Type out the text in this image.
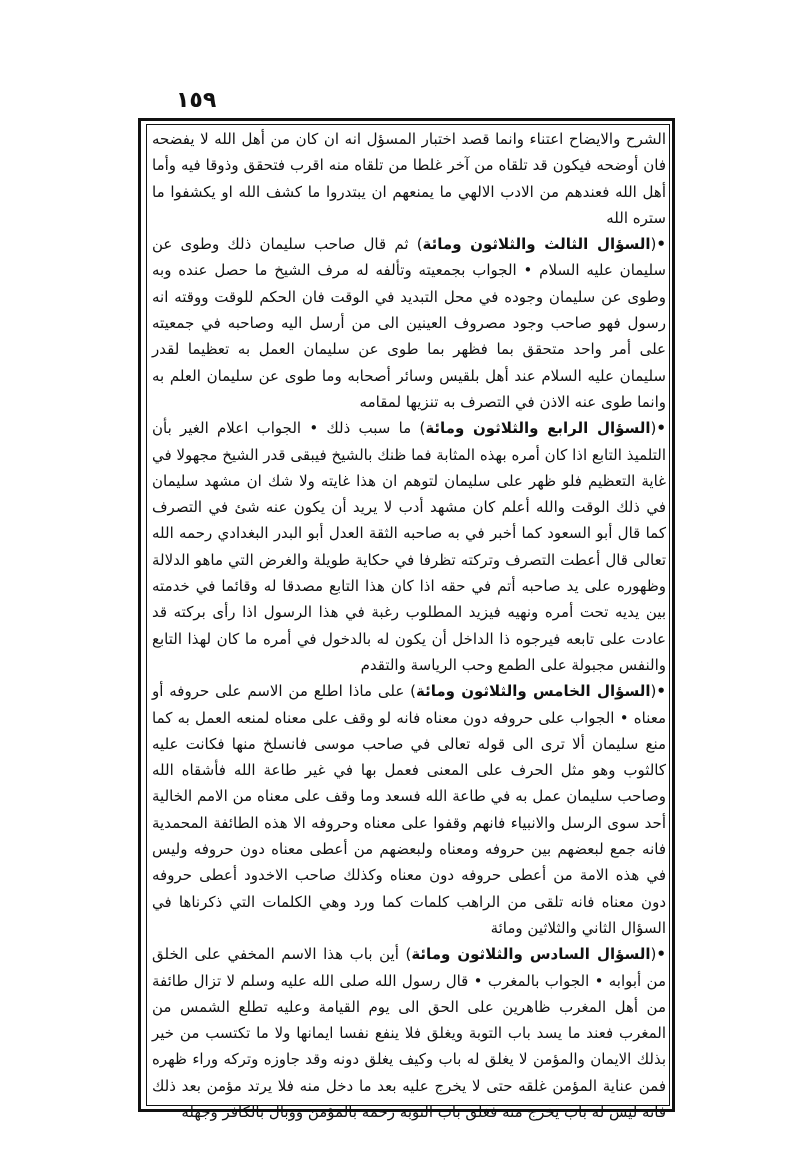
١٥٩

الشرح والايضاح اعتناء وانما قصد اختبار المسؤل انه ان كان من أهل الله لا يفضحه فان أوضحه فيكون قد تلقاه من آخر غلطا من تلقاه منه اقرب فتحقق وذوقا فيه وأما أهل الله فعندهم من الادب الالهي ما يمنعهم ان يبتدروا ما كشف الله او يكشفوا ما ستره الله

•(السؤال الثالث والثلاثون ومائة) ثم قال صاحب سليمان ذلك وطوى عن سليمان عليه السلام • الجواب بجمعيته وتألفه له مرف الشيخ ما حصل عنده وبه وطوى عن سليمان وجوده في محل التبديد في الوقت فان الحكم للوقت ووقته انه رسول فهو صاحب وجود مصروف العينين الى من أرسل اليه وصاحبه في جمعيته على أمر واحد متحقق بما فظهر بما طوى عن سليمان العمل به تعظيما لقدر سليمان عليه السلام عند أهل بلقيس وسائر أصحابه وما طوى عن سليمان العلم به وانما طوى عنه الاذن في التصرف به تنزيها لمقامه

•(السؤال الرابع والثلاثون ومائة) ما سبب ذلك • الجواب اعلام الغير بأن التلميذ التابع اذا كان أمره بهذه المثابة فما ظنك بالشيخ فيبقى قدر الشيخ مجهولا في غاية التعظيم فلو ظهر على سليمان لتوهم ان هذا غايته ولا شك ان مشهد سليمان في ذلك الوقت والله أعلم كان مشهد أدب لا يريد أن يكون عنه شئ في التصرف كما قال أبو السعود كما أخبر في به صاحبه الثقة العدل أبو البدر البغدادي رحمه الله تعالى قال أعطت التصرف وتركته تظرفا في حكاية طويلة والغرض التي ماهو الدلالة وظهوره على يد صاحبه أتم في حقه اذا كان هذا التابع مصدقا له وقائما في خدمته بين يديه تحت أمره ونهيه فيزيد المطلوب رغبة في هذا الرسول اذا رأى بركته قد عادت على تابعه فيرجوه ذا الداخل أن يكون له بالدخول في أمره ما كان لهذا التابع والنفس مجبولة على الطمع وحب الرياسة والتقدم

•(السؤال الخامس والثلاثون ومائة) على ماذا اطلع من الاسم على حروفه أو معناه • الجواب على حروفه دون معناه فانه لو وقف على معناه لمنعه العمل به كما منع سليمان ألا ترى الى قوله تعالى في صاحب موسى فانسلخ منها فكانت عليه كالثوب وهو مثل الحرف على المعنى فعمل بها في غير طاعة الله فأشقاه الله وصاحب سليمان عمل به في طاعة الله فسعد وما وقف على معناه من الامم الخالية أحد سوى الرسل والانبياء فانهم وقفوا على معناه وحروفه الا هذه الطائفة المحمدية فانه جمع لبعضهم بين حروفه ومعناه ولبعضهم من أعطى معناه دون حروفه وليس في هذه الامة من أعطى حروفه دون معناه وكذلك صاحب الاخدود أعطى حروفه دون معناه فانه تلقى من الراهب كلمات كما ورد وهي الكلمات التي ذكرناها في السؤال الثاني والثلاثين ومائة

•(السؤال السادس والثلاثون ومائة) أين باب هذا الاسم المخفي على الخلق من أبوابه • الجواب بالمغرب • قال رسول الله صلى الله عليه وسلم لا تزال طائفة من أهل المغرب ظاهرين على الحق الى يوم القيامة وعليه تطلع الشمس من المغرب فعند ما يسد باب التوبة ويغلق فلا ينفع نفسا ايمانها ولا ما تكتسب من خير بذلك الايمان والمؤمن لا يغلق له باب وكيف يغلق دونه وقد جاوزه وتركه وراء ظهره فمن عناية المؤمن غلقه حتى لا يخرج عليه بعد ما دخل منه فلا يرتد مؤمن بعد ذلك فانه ليس له باب يخرج منه فغلق باب التوبة رحمة بالمؤمن ووبال بالكافر وجهله
